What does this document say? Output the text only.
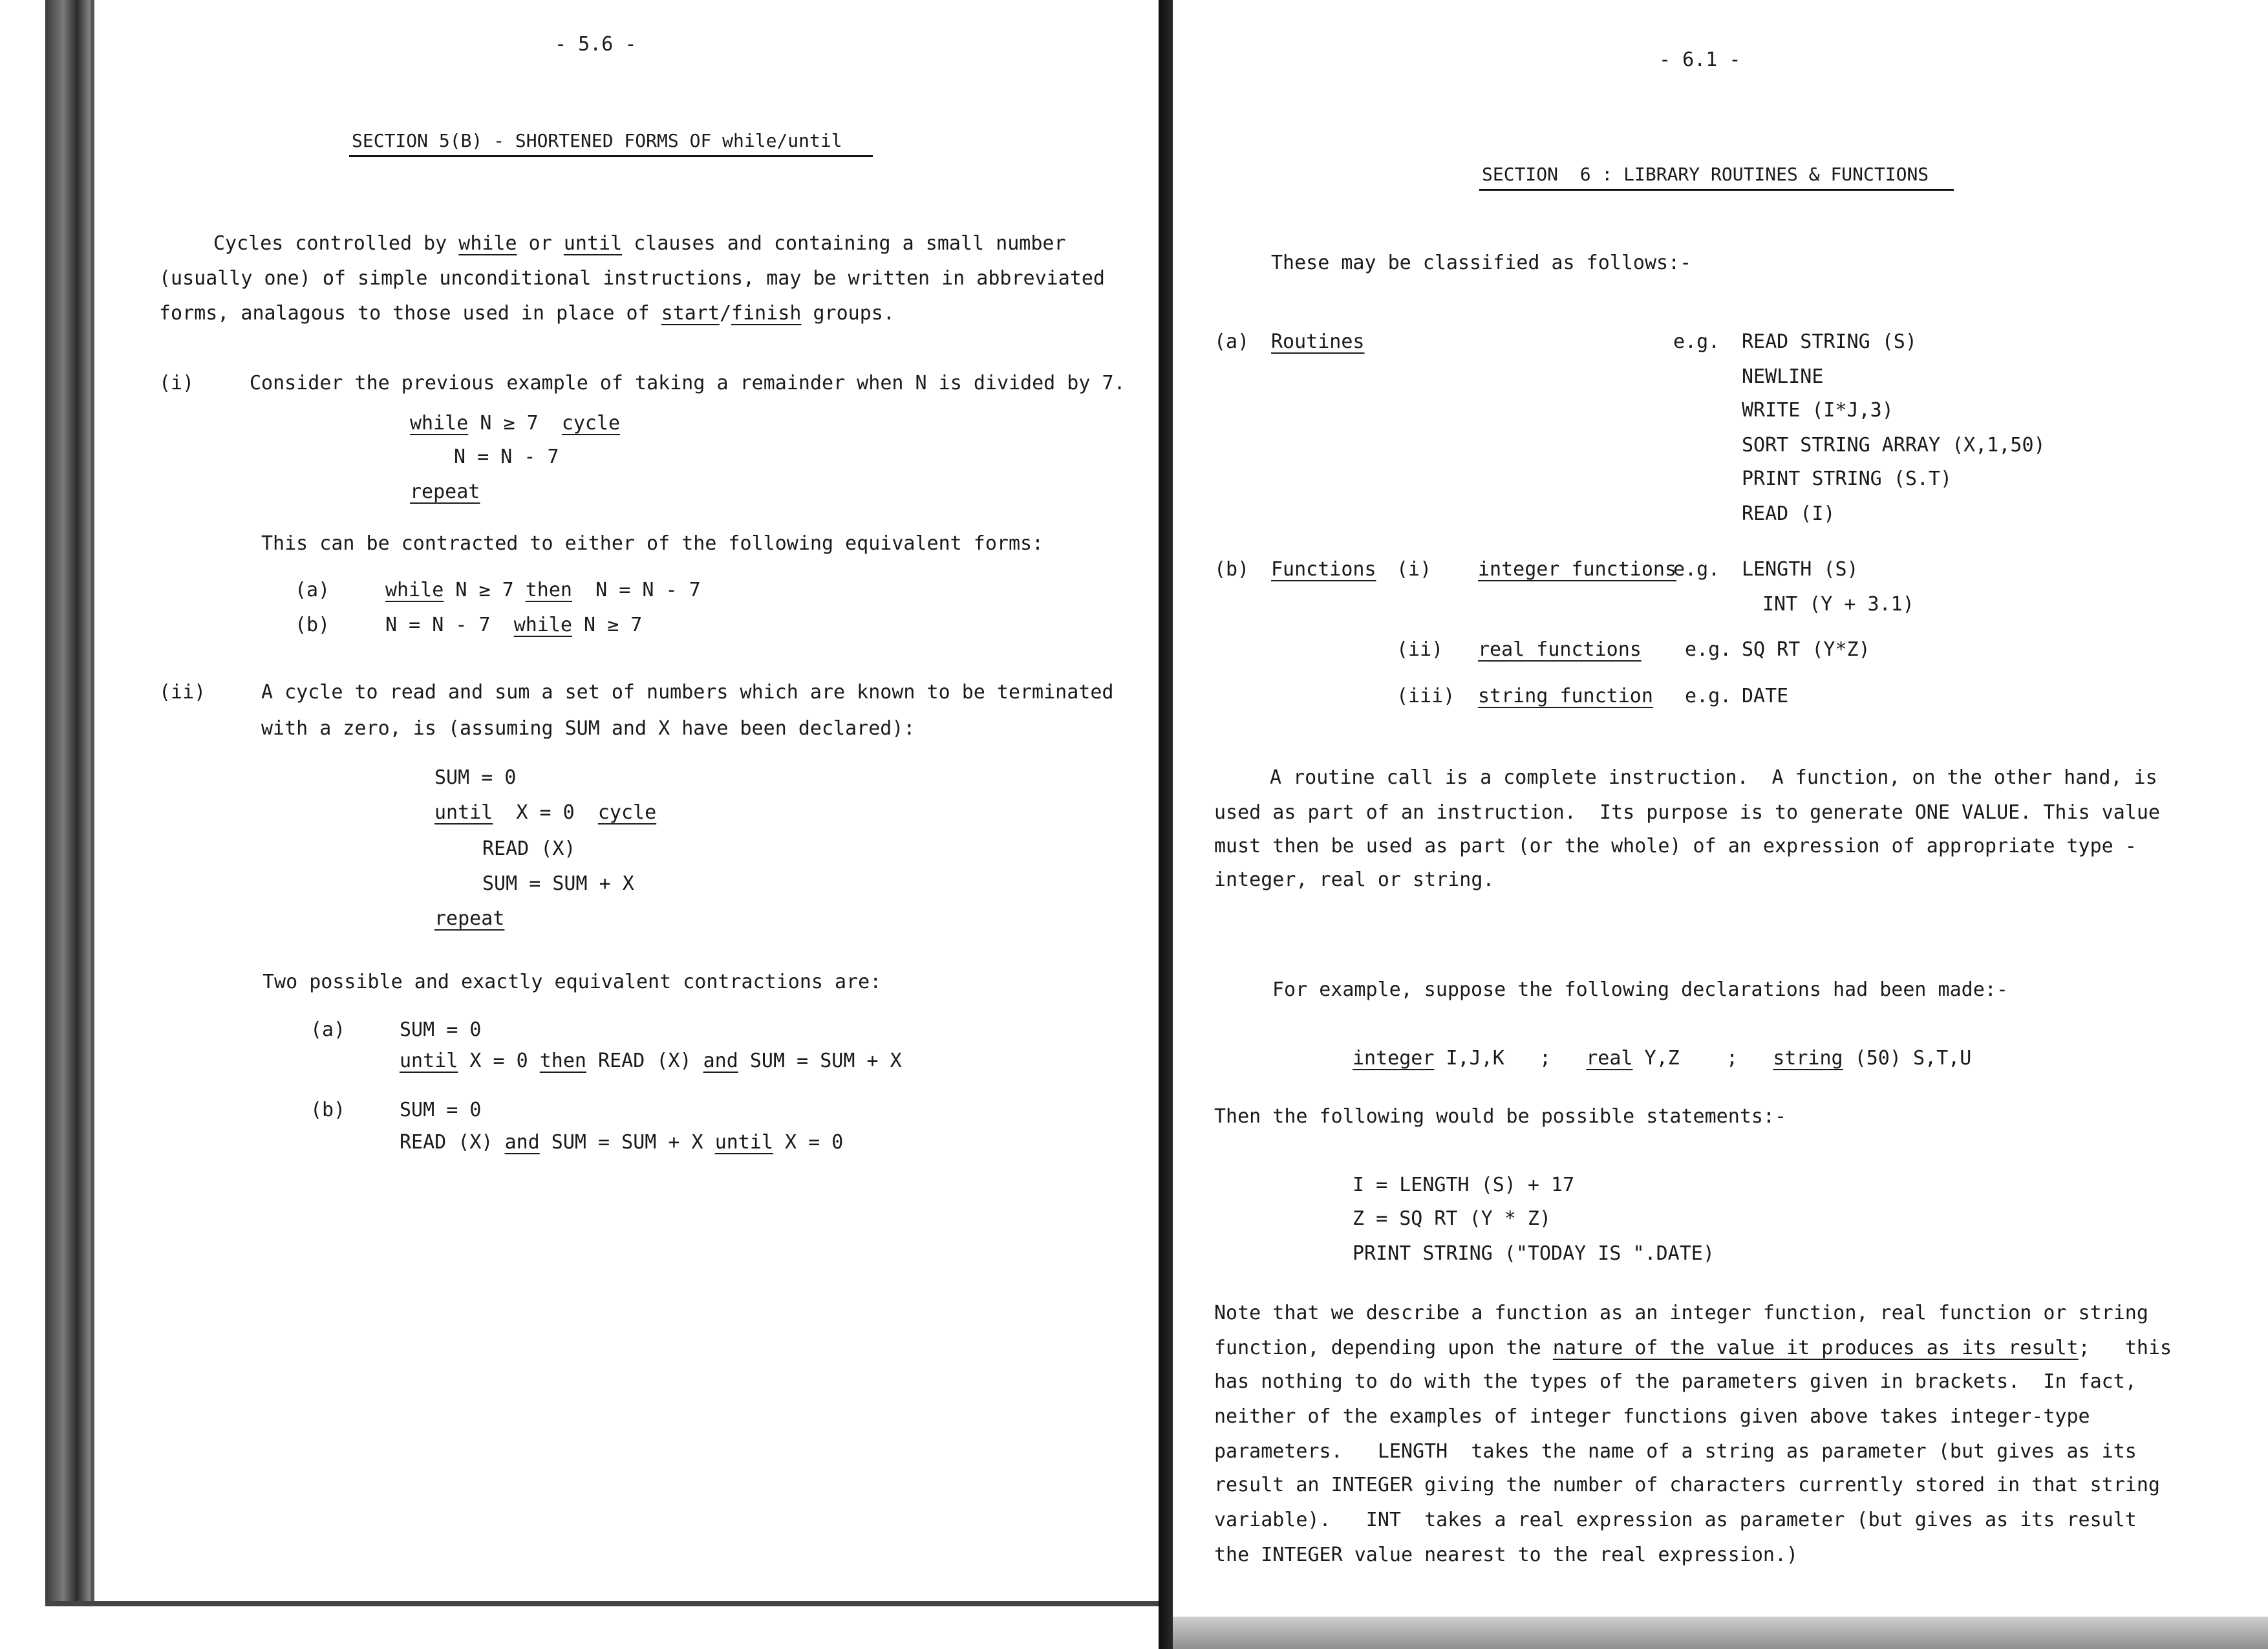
- 5.6 -
SECTION 5(B) - SHORTENED FORMS OF while/until
Cycles controlled by while or until clauses and containing a small number
(usually one) of simple unconditional instructions, may be written in abbreviated
forms, analagous to those used in place of start/finish groups.
(i)	Consider the previous example of taking a remainder when N is divided by 7.
while N ≥ 7  cycle
N = N - 7
repeat
This can be contracted to either of the following equivalent forms:
(a)	while N ≥ 7 then  N = N - 7
(b)	N = N - 7  while N ≥ 7
(ii)	A cycle to read and sum a set of numbers which are known to be terminated
with a zero, is (assuming SUM and X have been declared):
SUM = 0
until  X = 0  cycle
READ (X)
SUM = SUM + X
repeat
Two possible and exactly equivalent contractions are:
(a)	SUM = 0
until X = 0 then READ (X) and SUM = SUM + X
(b)	SUM = 0
READ (X) and SUM = SUM + X until X = 0
- 6.1 -
SECTION  6 : LIBRARY ROUTINES & FUNCTIONS
These may be classified as follows:-
(a) Routines	e.g. READ STRING (S)
NEWLINE
WRITE (I*J,3)
SORT STRING ARRAY (X,1,50)
PRINT STRING (S.T)
READ (I)
(b) Functions (i) integer functions
e.g. LENGTH (S)
INT (Y + 3.1)
(ii) real functions e.g. SQ RT (Y*Z)
(iii) string function e.g. DATE
A routine call is a complete instruction.  A function, on the other hand, is
used as part of an instruction.  Its purpose is to generate ONE VALUE. This value
must then be used as part (or the whole) of an expression of appropriate type -
integer, real or string.
For example, suppose the following declarations had been made:-
integer I,J,K   ;   real Y,Z    ;   string (50) S,T,U
Then the following would be possible statements:-
I = LENGTH (S) + 17
Z = SQ RT (Y * Z)
PRINT STRING ("TODAY IS ".DATE)
Note that we describe a function as an integer function, real function or string
function, depending upon the nature of the value it produces as its result;   this
has nothing to do with the types of the parameters given in brackets.  In fact,
neither of the examples of integer functions given above takes integer-type
parameters.   LENGTH  takes the name of a string as parameter (but gives as its
result an INTEGER giving the number of characters currently stored in that string
variable).   INT  takes a real expression as parameter (but gives as its result
the INTEGER value nearest to the real expression.)
